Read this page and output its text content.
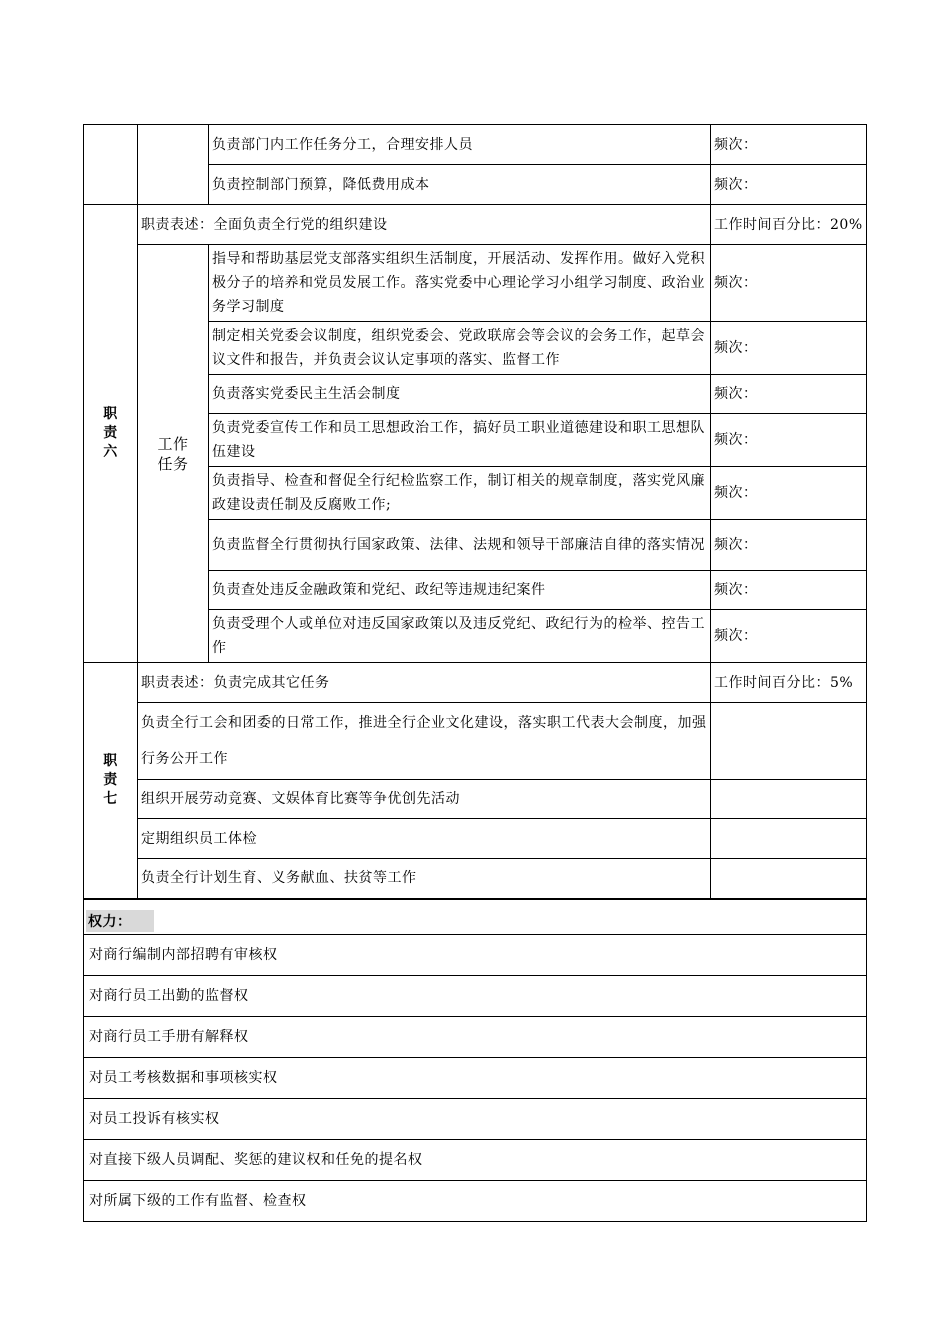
		负责部门内工作任务分工，合理安排人员	频次：
		负责控制部门预算，降低费用成本	频次：
职责六	职责表述：全面负责全行党的组织建设		工作时间百分比：20%
	工作任务	指导和帮助基层党支部落实组织生活制度，开展活动、发挥作用。做好入党积极分子的培养和党员发展工作。落实党委中心理论学习小组学习制度、政治业务学习制度	频次：
		制定相关党委会议制度，组织党委会、党政联席会等会议的会务工作，起草会议文件和报告，并负责会议认定事项的落实、监督工作	频次：
		负责落实党委民主生活会制度	频次：
		负责党委宣传工作和员工思想政治工作，搞好员工职业道德建设和职工思想队伍建设	频次：
		负责指导、检查和督促全行纪检监察工作，制订相关的规章制度，落实党风廉政建设责任制及反腐败工作;	频次：
		负责监督全行贯彻执行国家政策、法律、法规和领导干部廉洁自律的落实情况	频次：
		负责查处违反金融政策和党纪、政纪等违规违纪案件	频次：
		负责受理个人或单位对违反国家政策以及违反党纪、政纪行为的检举、控告工作	频次：
职责七	职责表述：负责完成其它任务		工作时间百分比：5%
	负责全行工会和团委的日常工作，推进全行企业文化建设，落实职工代表大会制度，加强行务公开工作		
	组织开展劳动竞赛、文娱体育比赛等争优创先活动		
	定期组织员工体检		
	负责全行计划生育、义务献血、扶贫等工作		
权力：			
对商行编制内部招聘有审核权			
对商行员工出勤的监督权			
对商行员工手册有解释权			
对员工考核数据和事项核实权			
对员工投诉有核实权			
对直接下级人员调配、奖惩的建议权和任免的提名权			
对所属下级的工作有监督、检查权			
